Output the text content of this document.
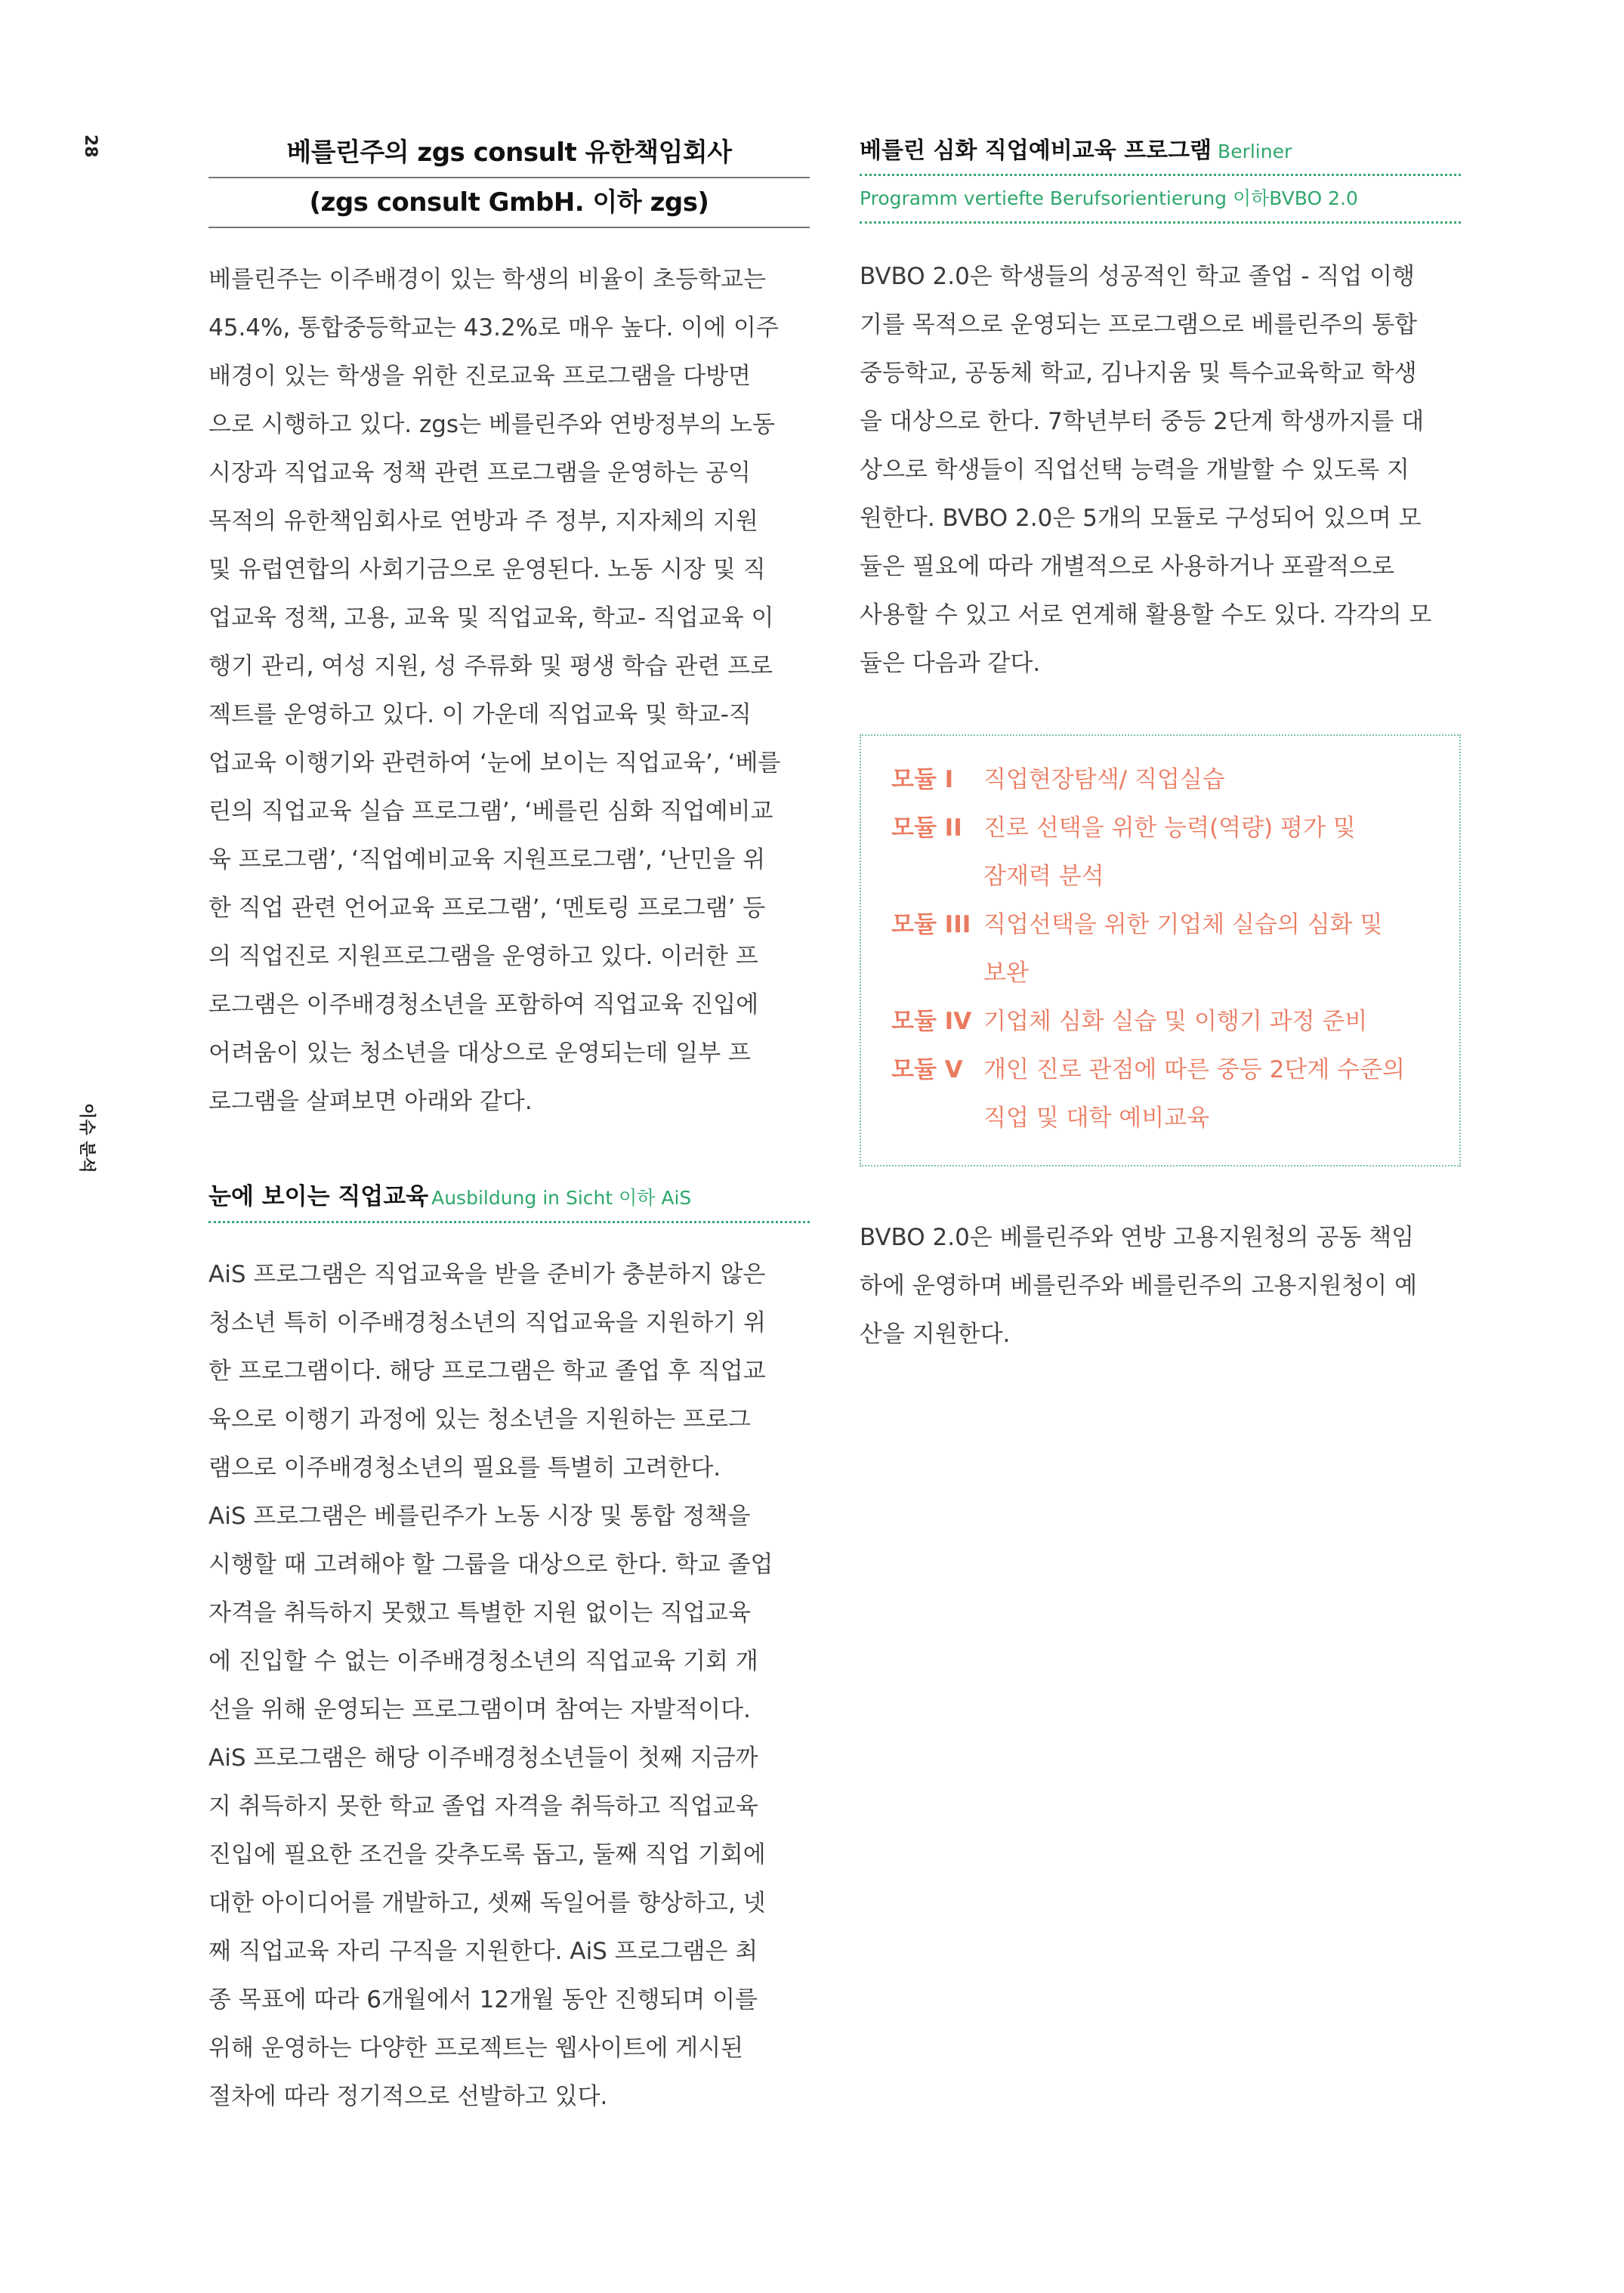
28
이슈 분석
베를린주의 zgs consult 유한책임회사
(zgs consult GmbH. 이하 zgs)
베를린주는 이주배경이 있는 학생의 비율이 초등학교는
45.4%, 통합중등학교는 43.2%로 매우 높다. 이에 이주
배경이 있는 학생을 위한 진로교육 프로그램을 다방면
으로 시행하고 있다. zgs는 베를린주와 연방정부의 노동
시장과 직업교육 정책 관련 프로그램을 운영하는 공익
목적의 유한책임회사로 연방과 주 정부, 지자체의 지원
및 유럽연합의 사회기금으로 운영된다. 노동 시장 및 직
업교육 정책, 고용, 교육 및 직업교육, 학교- 직업교육 이
행기 관리, 여성 지원, 성 주류화 및 평생 학습 관련 프로
젝트를 운영하고 있다. 이 가운데 직업교육 및 학교-직
업교육 이행기와 관련하여 ‘눈에 보이는 직업교육’, ‘베를
린의 직업교육 실습 프로그램’, ‘베를린 심화 직업예비교
육 프로그램’, ‘직업예비교육 지원프로그램’, ‘난민을 위
한 직업 관련 언어교육 프로그램’, ‘멘토링 프로그램’ 등
의 직업진로 지원프로그램을 운영하고 있다. 이러한 프
로그램은 이주배경청소년을 포함하여 직업교육 진입에
어려움이 있는 청소년을 대상으로 운영되는데 일부 프
로그램을 살펴보면 아래와 같다.
눈에 보이는 직업교육 Ausbildung in Sicht 이하 AiS
AiS 프로그램은 직업교육을 받을 준비가 충분하지 않은
청소년 특히 이주배경청소년의 직업교육을 지원하기 위
한 프로그램이다. 해당 프로그램은 학교 졸업 후 직업교
육으로 이행기 과정에 있는 청소년을 지원하는 프로그
램으로 이주배경청소년의 필요를 특별히 고려한다.
AiS 프로그램은 베를린주가 노동 시장 및 통합 정책을
시행할 때 고려해야 할 그룹을 대상으로 한다. 학교 졸업
자격을 취득하지 못했고 특별한 지원 없이는 직업교육
에 진입할 수 없는 이주배경청소년의 직업교육 기회 개
선을 위해 운영되는 프로그램이며 참여는 자발적이다.
AiS 프로그램은 해당 이주배경청소년들이 첫째 지금까
지 취득하지 못한 학교 졸업 자격을 취득하고 직업교육
진입에 필요한 조건을 갖추도록 돕고, 둘째 직업 기회에
대한 아이디어를 개발하고, 셋째 독일어를 향상하고, 넷
째 직업교육 자리 구직을 지원한다. AiS 프로그램은 최
종 목표에 따라 6개월에서 12개월 동안 진행되며 이를
위해 운영하는 다양한 프로젝트는 웹사이트에 게시된
절차에 따라 정기적으로 선발하고 있다.
베를린 심화 직업예비교육 프로그램 Berliner
Programm vertiefte Berufsorientierung 이하BVBO 2.0
BVBO 2.0은 학생들의 성공적인 학교 졸업 - 직업 이행
기를 목적으로 운영되는 프로그램으로 베를린주의 통합
중등학교, 공동체 학교, 김나지움 및 특수교육학교 학생
을 대상으로 한다. 7학년부터 중등 2단계 학생까지를 대
상으로 학생들이 직업선택 능력을 개발할 수 있도록 지
원한다. BVBO 2.0은 5개의 모듈로 구성되어 있으며 모
듈은 필요에 따라 개별적으로 사용하거나 포괄적으로
사용할 수 있고 서로 연계해 활용할 수도 있다. 각각의 모
듈은 다음과 같다.
모듈 I	직업현장탐색/ 직업실습
모듈 II 진로 선택을 위한 능력(역량) 평가 및
잠재력 분석
모듈 III 직업선택을 위한 기업체 실습의 심화 및
보완
모듈 IV 기업체 심화 실습 및 이행기 과정 준비
모듈 V 개인 진로 관점에 따른 중등 2단계 수준의
직업 및 대학 예비교육
BVBO 2.0은 베를린주와 연방 고용지원청의 공동 책임
하에 운영하며 베를린주와 베를린주의 고용지원청이 예
산을 지원한다.
